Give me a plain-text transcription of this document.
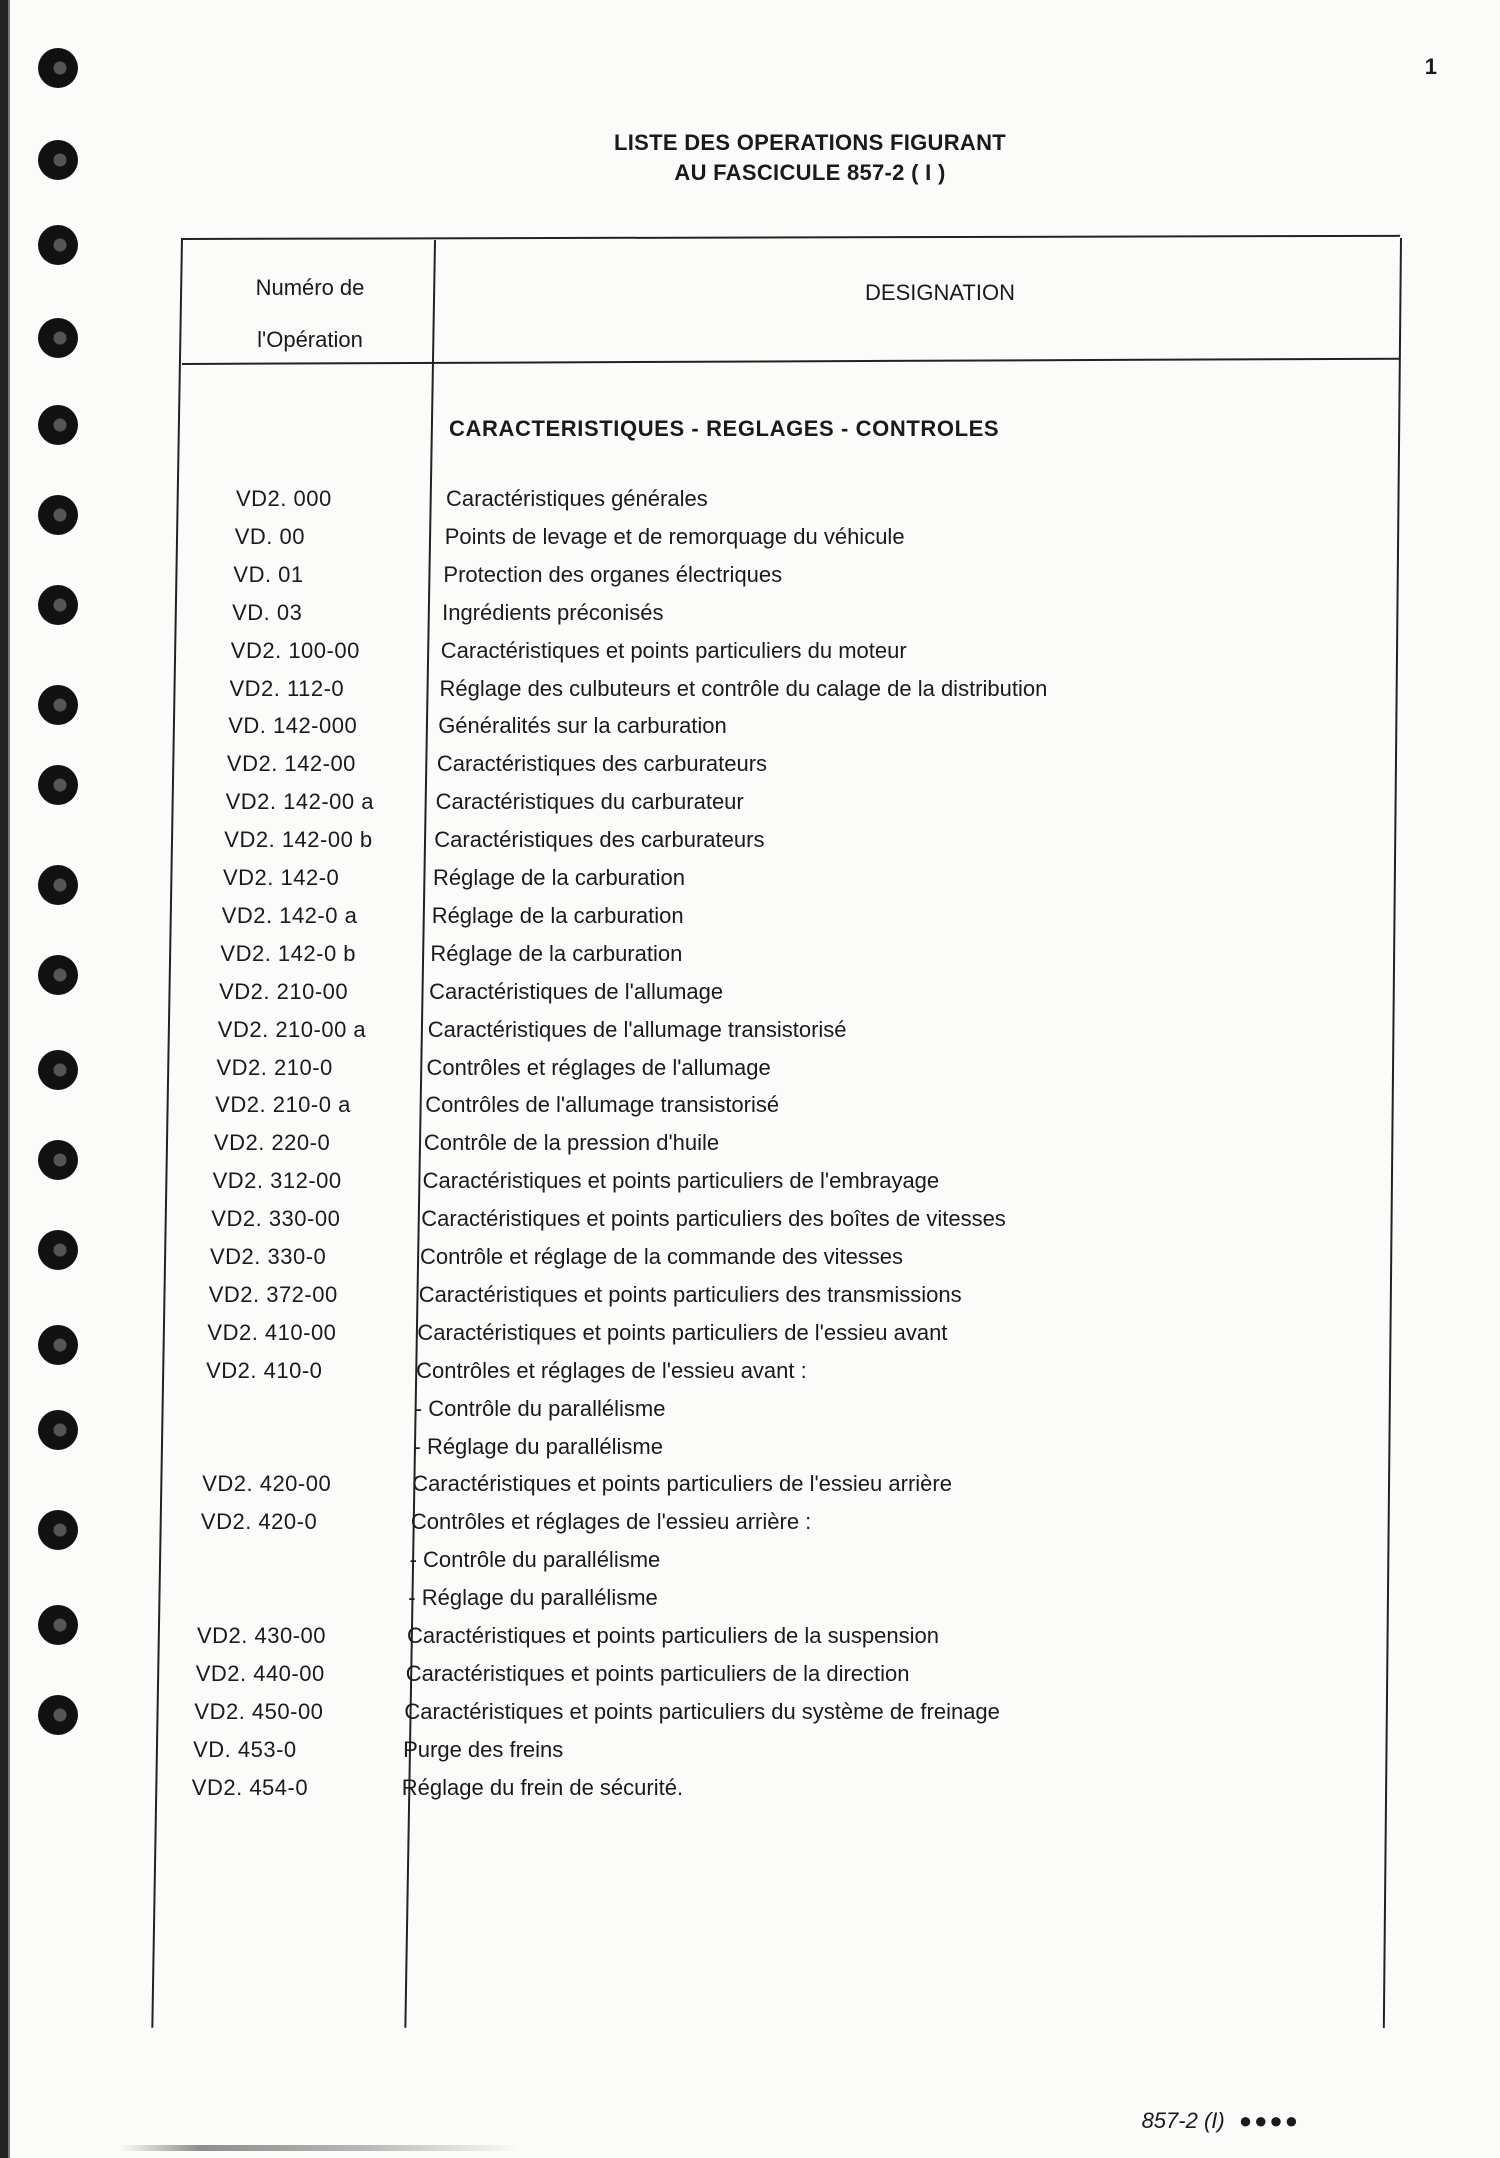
1
LISTE DES OPERATIONS FIGURANT
AU FASCICULE 857-2 ( I )
Numéro de
l'Opération
DESIGNATION
CARACTERISTIQUES - REGLAGES - CONTROLES
VD2. 000	Caractéristiques générales
VD. 00	Points de levage et de remorquage du véhicule
VD. 01	Protection des organes électriques
VD. 03	Ingrédients préconisés
VD2. 100-00	Caractéristiques et points particuliers du moteur
VD2. 112-0	Réglage des culbuteurs et contrôle du calage de la distribution
VD. 142-000	Généralités sur la carburation
VD2. 142-00	Caractéristiques des carburateurs
VD2. 142-00 a	Caractéristiques du carburateur
VD2. 142-00 b	Caractéristiques des carburateurs
VD2. 142-0	Réglage de la carburation
VD2. 142-0 a	Réglage de la carburation
VD2. 142-0 b	Réglage de la carburation
VD2. 210-00	Caractéristiques de l'allumage
VD2. 210-00 a	Caractéristiques de l'allumage transistorisé
VD2. 210-0	Contrôles et réglages de l'allumage
VD2. 210-0 a	Contrôles de l'allumage transistorisé
VD2. 220-0	Contrôle de la pression d'huile
VD2. 312-00	Caractéristiques et points particuliers de l'embrayage
VD2. 330-00	Caractéristiques et points particuliers des boîtes de vitesses
VD2. 330-0	Contrôle et réglage de la commande des vitesses
VD2. 372-00	Caractéristiques et points particuliers des transmissions
VD2. 410-00	Caractéristiques et points particuliers de l'essieu avant
VD2. 410-0	Contrôles et réglages de l'essieu avant :
- Contrôle du parallélisme
- Réglage du parallélisme
VD2. 420-00	Caractéristiques et points particuliers de l'essieu arrière
VD2. 420-0	Contrôles et réglages de l'essieu arrière :
- Contrôle du parallélisme
- Réglage du parallélisme
VD2. 430-00	Caractéristiques et points particuliers de la suspension
VD2. 440-00	Caractéristiques et points particuliers de la direction
VD2. 450-00	Caractéristiques et points particuliers du système de freinage
VD. 453-0	Purge des freins
VD2. 454-0	Réglage du frein de sécurité.
857-2 (I) ●●●●
